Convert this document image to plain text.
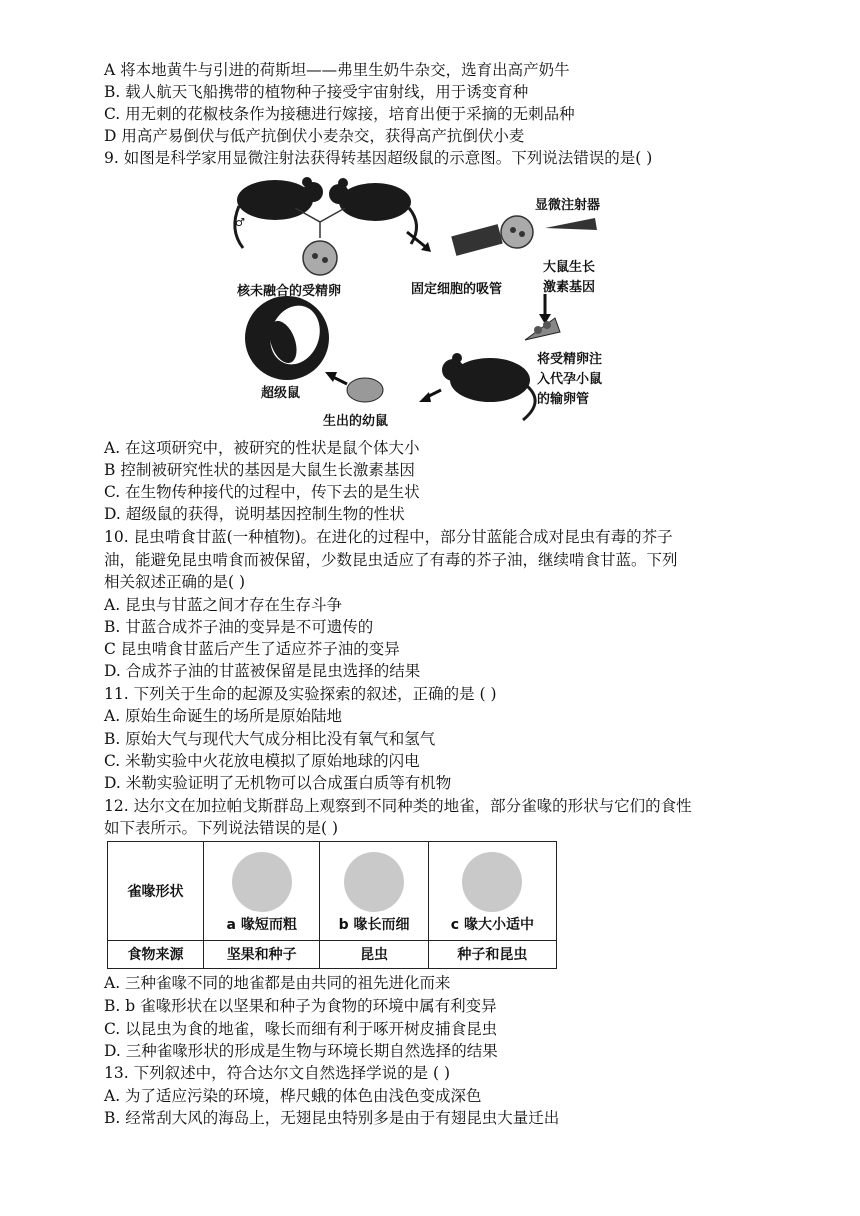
A 将本地黄牛与引进的荷斯坦——弗里生奶牛杂交，选育出高产奶牛
B. 载人航天飞船携带的植物种子接受宇宙射线，用于诱变育种
C. 用无刺的花椒枝条作为接穗进行嫁接，培育出便于采摘的无刺品种
D 用高产易倒伏与低产抗倒伏小麦杂交，获得高产抗倒伏小麦
9. 如图是科学家用显微注射法获得转基因超级鼠的示意图。下列说法错误的是( )
核未融合的受精卵	固定细胞的吸管
显微注射器
大鼠生长
激素基因
将受精卵注
入代孕小鼠
的输卵管
生出的幼鼠
超级鼠
♂
A. 在这项研究中，被研究的性状是鼠个体大小
B 控制被研究性状的基因是大鼠生长激素基因
C. 在生物传种接代的过程中，传下去的是生状
D. 超级鼠的获得，说明基因控制生物的性状
10. 昆虫啃食甘蓝(一种植物)。在进化的过程中，部分甘蓝能合成对昆虫有毒的芥子
油，能避免昆虫啃食而被保留，少数昆虫适应了有毒的芥子油，继续啃食甘蓝。下列
相关叙述正确的是( )
A. 昆虫与甘蓝之间才存在生存斗争
B. 甘蓝合成芥子油的变异是不可遗传的
C 昆虫啃食甘蓝后产生了适应芥子油的变异
D. 合成芥子油的甘蓝被保留是昆虫选择的结果
11. 下列关于生命的起源及实验探索的叙述，正确的是 ( )
A. 原始生命诞生的场所是原始陆地
B. 原始大气与现代大气成分相比没有氧气和氢气
C. 米勒实验中火花放电模拟了原始地球的闪电
D. 米勒实验证明了无机物可以合成蛋白质等有机物
12. 达尔文在加拉帕戈斯群岛上观察到不同种类的地雀，部分雀喙的形状与它们的食性
如下表所示。下列说法错误的是( )
雀喙形状	a 喙短而粗	b 喙长而细	c 喙大小适中
食物来源	坚果和种子	昆虫	种子和昆虫
A. 三种雀喙不同的地雀都是由共同的祖先进化而来
B. b 雀喙形状在以坚果和种子为食物的环境中属有利变异
C. 以昆虫为食的地雀，喙长而细有利于啄开树皮捕食昆虫
D. 三种雀喙形状的形成是生物与环境长期自然选择的结果
13. 下列叙述中，符合达尔文自然选择学说的是 ( )
A. 为了适应污染的环境，桦尺蛾的体色由浅色变成深色
B. 经常刮大风的海岛上，无翅昆虫特别多是由于有翅昆虫大量迁出
